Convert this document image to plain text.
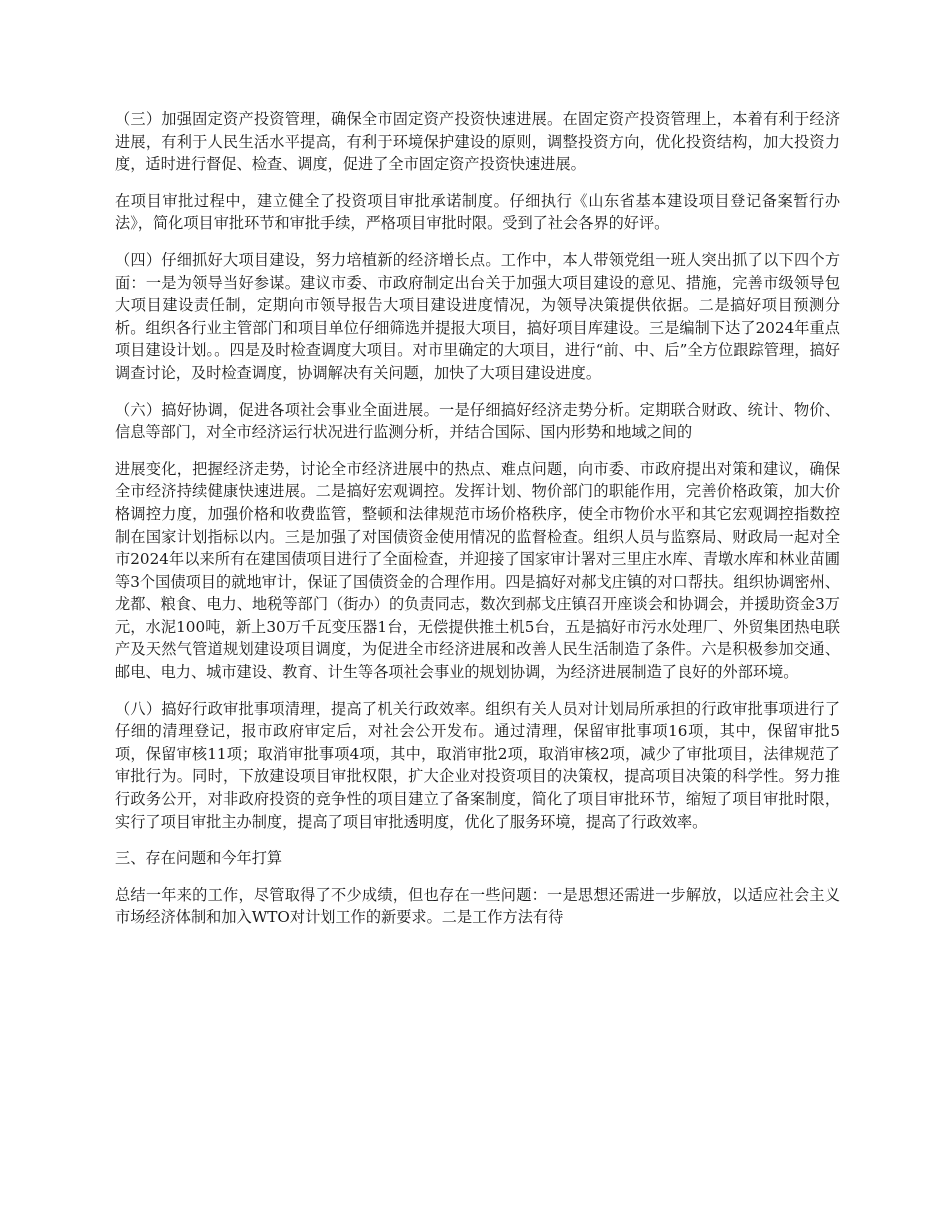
（三）加强固定资产投资管理，确保全市固定资产投资快速进展。在固定资产投资管理上，本着有利于经济进展，有利于人民生活水平提高，有利于环境保护建设的原则，调整投资方向，优化投资结构，加大投资力度，适时进行督促、检查、调度，促进了全市固定资产投资快速进展。

在项目审批过程中，建立健全了投资项目审批承诺制度。仔细执行《山东省基本建设项目登记备案暂行办法》，简化项目审批环节和审批手续，严格项目审批时限。受到了社会各界的好评。

（四）仔细抓好大项目建设，努力培植新的经济增长点。工作中，本人带领党组一班人突出抓了以下四个方面：一是为领导当好参谋。建议市委、市政府制定出台关于加强大项目建设的意见、措施，完善市级领导包大项目建设责任制，定期向市领导报告大项目建设进度情况，为领导决策提供依据。二是搞好项目预测分析。组织各行业主管部门和项目单位仔细筛选并提报大项目，搞好项目库建设。三是编制下达了2024年重点项目建设计划。。四是及时检查调度大项目。对市里确定的大项目，进行“前、中、后”全方位跟踪管理，搞好调查讨论，及时检查调度，协调解决有关问题，加快了大项目建设进度。

（六）搞好协调，促进各项社会事业全面进展。一是仔细搞好经济走势分析。定期联合财政、统计、物价、信息等部门，对全市经济运行状况进行监测分析，并结合国际、国内形势和地域之间的

进展变化，把握经济走势，讨论全市经济进展中的热点、难点问题，向市委、市政府提出对策和建议，确保全市经济持续健康快速进展。二是搞好宏观调控。发挥计划、物价部门的职能作用，完善价格政策，加大价格调控力度，加强价格和收费监管，整顿和法律规范市场价格秩序，使全市物价水平和其它宏观调控指数控制在国家计划指标以内。三是加强了对国债资金使用情况的监督检查。组织人员与监察局、财政局一起对全市2024年以来所有在建国债项目进行了全面检查，并迎接了国家审计署对三里庄水库、青墩水库和林业苗圃等3个国债项目的就地审计，保证了国债资金的合理作用。四是搞好对郝戈庄镇的对口帮扶。组织协调密州、龙都、粮食、电力、地税等部门（街办）的负责同志，数次到郝戈庄镇召开座谈会和协调会，并援助资金3万元，水泥100吨，新上30万千瓦变压器1台，无偿提供推土机5台，五是搞好市污水处理厂、外贸集团热电联产及天然气管道规划建设项目调度，为促进全市经济进展和改善人民生活制造了条件。六是积极参加交通、邮电、电力、城市建设、教育、计生等各项社会事业的规划协调，为经济进展制造了良好的外部环境。

（八）搞好行政审批事项清理，提高了机关行政效率。组织有关人员对计划局所承担的行政审批事项进行了仔细的清理登记，报市政府审定后，对社会公开发布。通过清理，保留审批事项16项，其中，保留审批5项，保留审核11项；取消审批事项4项，其中，取消审批2项，取消审核2项，减少了审批项目，法律规范了审批行为。同时，下放建设项目审批权限，扩大企业对投资项目的决策权，提高项目决策的科学性。努力推行政务公开，对非政府投资的竞争性的项目建立了备案制度，简化了项目审批环节，缩短了项目审批时限，实行了项目审批主办制度，提高了项目审批透明度，优化了服务环境，提高了行政效率。

三、存在问题和今年打算

总结一年来的工作，尽管取得了不少成绩，但也存在一些问题：一是思想还需进一步解放，以适应社会主义市场经济体制和加入WTO对计划工作的新要求。二是工作方法有待
